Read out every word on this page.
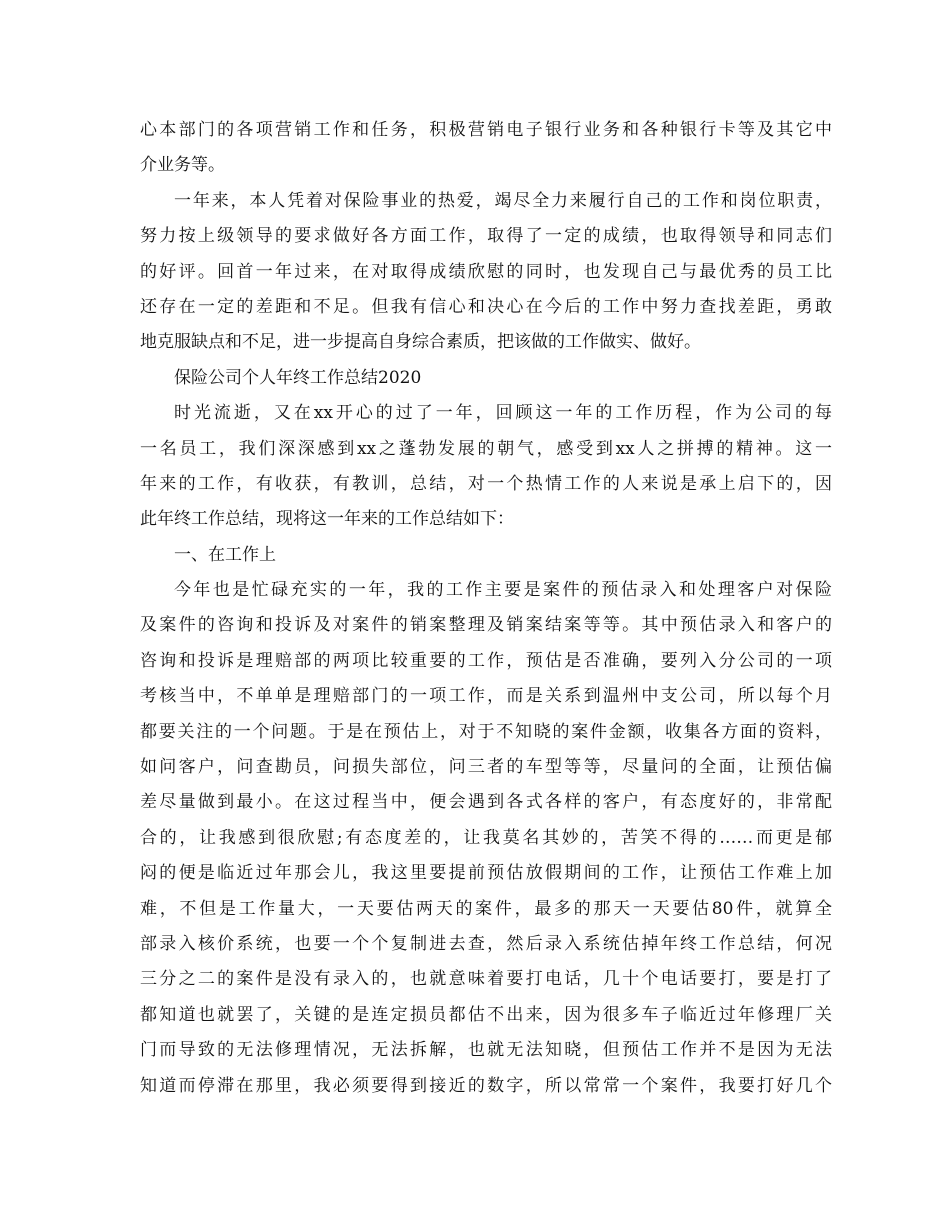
心本部门的各项营销工作和任务，积极营销电子银行业务和各种银行卡等及其它中
介业务等。
一年来，本人凭着对保险事业的热爱，竭尽全力来履行自己的工作和岗位职责，
努力按上级领导的要求做好各方面工作，取得了一定的成绩，也取得领导和同志们
的好评。回首一年过来，在对取得成绩欣慰的同时，也发现自己与最优秀的员工比
还存在一定的差距和不足。但我有信心和决心在今后的工作中努力查找差距，勇敢
地克服缺点和不足，进一步提高自身综合素质，把该做的工作做实、做好。
保险公司个人年终工作总结2020
时光流逝，又在xx开心的过了一年，回顾这一年的工作历程，作为公司的每
一名员工，我们深深感到xx之蓬勃发展的朝气，感受到xx人之拼搏的精神。这一
年来的工作，有收获，有教训，总结，对一个热情工作的人来说是承上启下的，因
此年终工作总结，现将这一年来的工作总结如下：
一、在工作上
今年也是忙碌充实的一年，我的工作主要是案件的预估录入和处理客户对保险
及案件的咨询和投诉及对案件的销案整理及销案结案等等。其中预估录入和客户的
咨询和投诉是理赔部的两项比较重要的工作，预估是否准确，要列入分公司的一项
考核当中，不单单是理赔部门的一项工作，而是关系到温州中支公司，所以每个月
都要关注的一个问题。于是在预估上，对于不知晓的案件金额，收集各方面的资料，
如问客户，问查勘员，问损失部位，问三者的车型等等，尽量问的全面，让预估偏
差尽量做到最小。在这过程当中，便会遇到各式各样的客户，有态度好的，非常配
合的，让我感到很欣慰;有态度差的，让我莫名其妙的，苦笑不得的……而更是郁
闷的便是临近过年那会儿，我这里要提前预估放假期间的工作，让预估工作难上加
难，不但是工作量大，一天要估两天的案件，最多的那天一天要估80件，就算全
部录入核价系统，也要一个个复制进去查，然后录入系统估掉年终工作总结，何况
三分之二的案件是没有录入的，也就意味着要打电话，几十个电话要打，要是打了
都知道也就罢了，关键的是连定损员都估不出来，因为很多车子临近过年修理厂关
门而导致的无法修理情况，无法拆解，也就无法知晓，但预估工作并不是因为无法
知道而停滞在那里，我必须要得到接近的数字，所以常常一个案件，我要打好几个
